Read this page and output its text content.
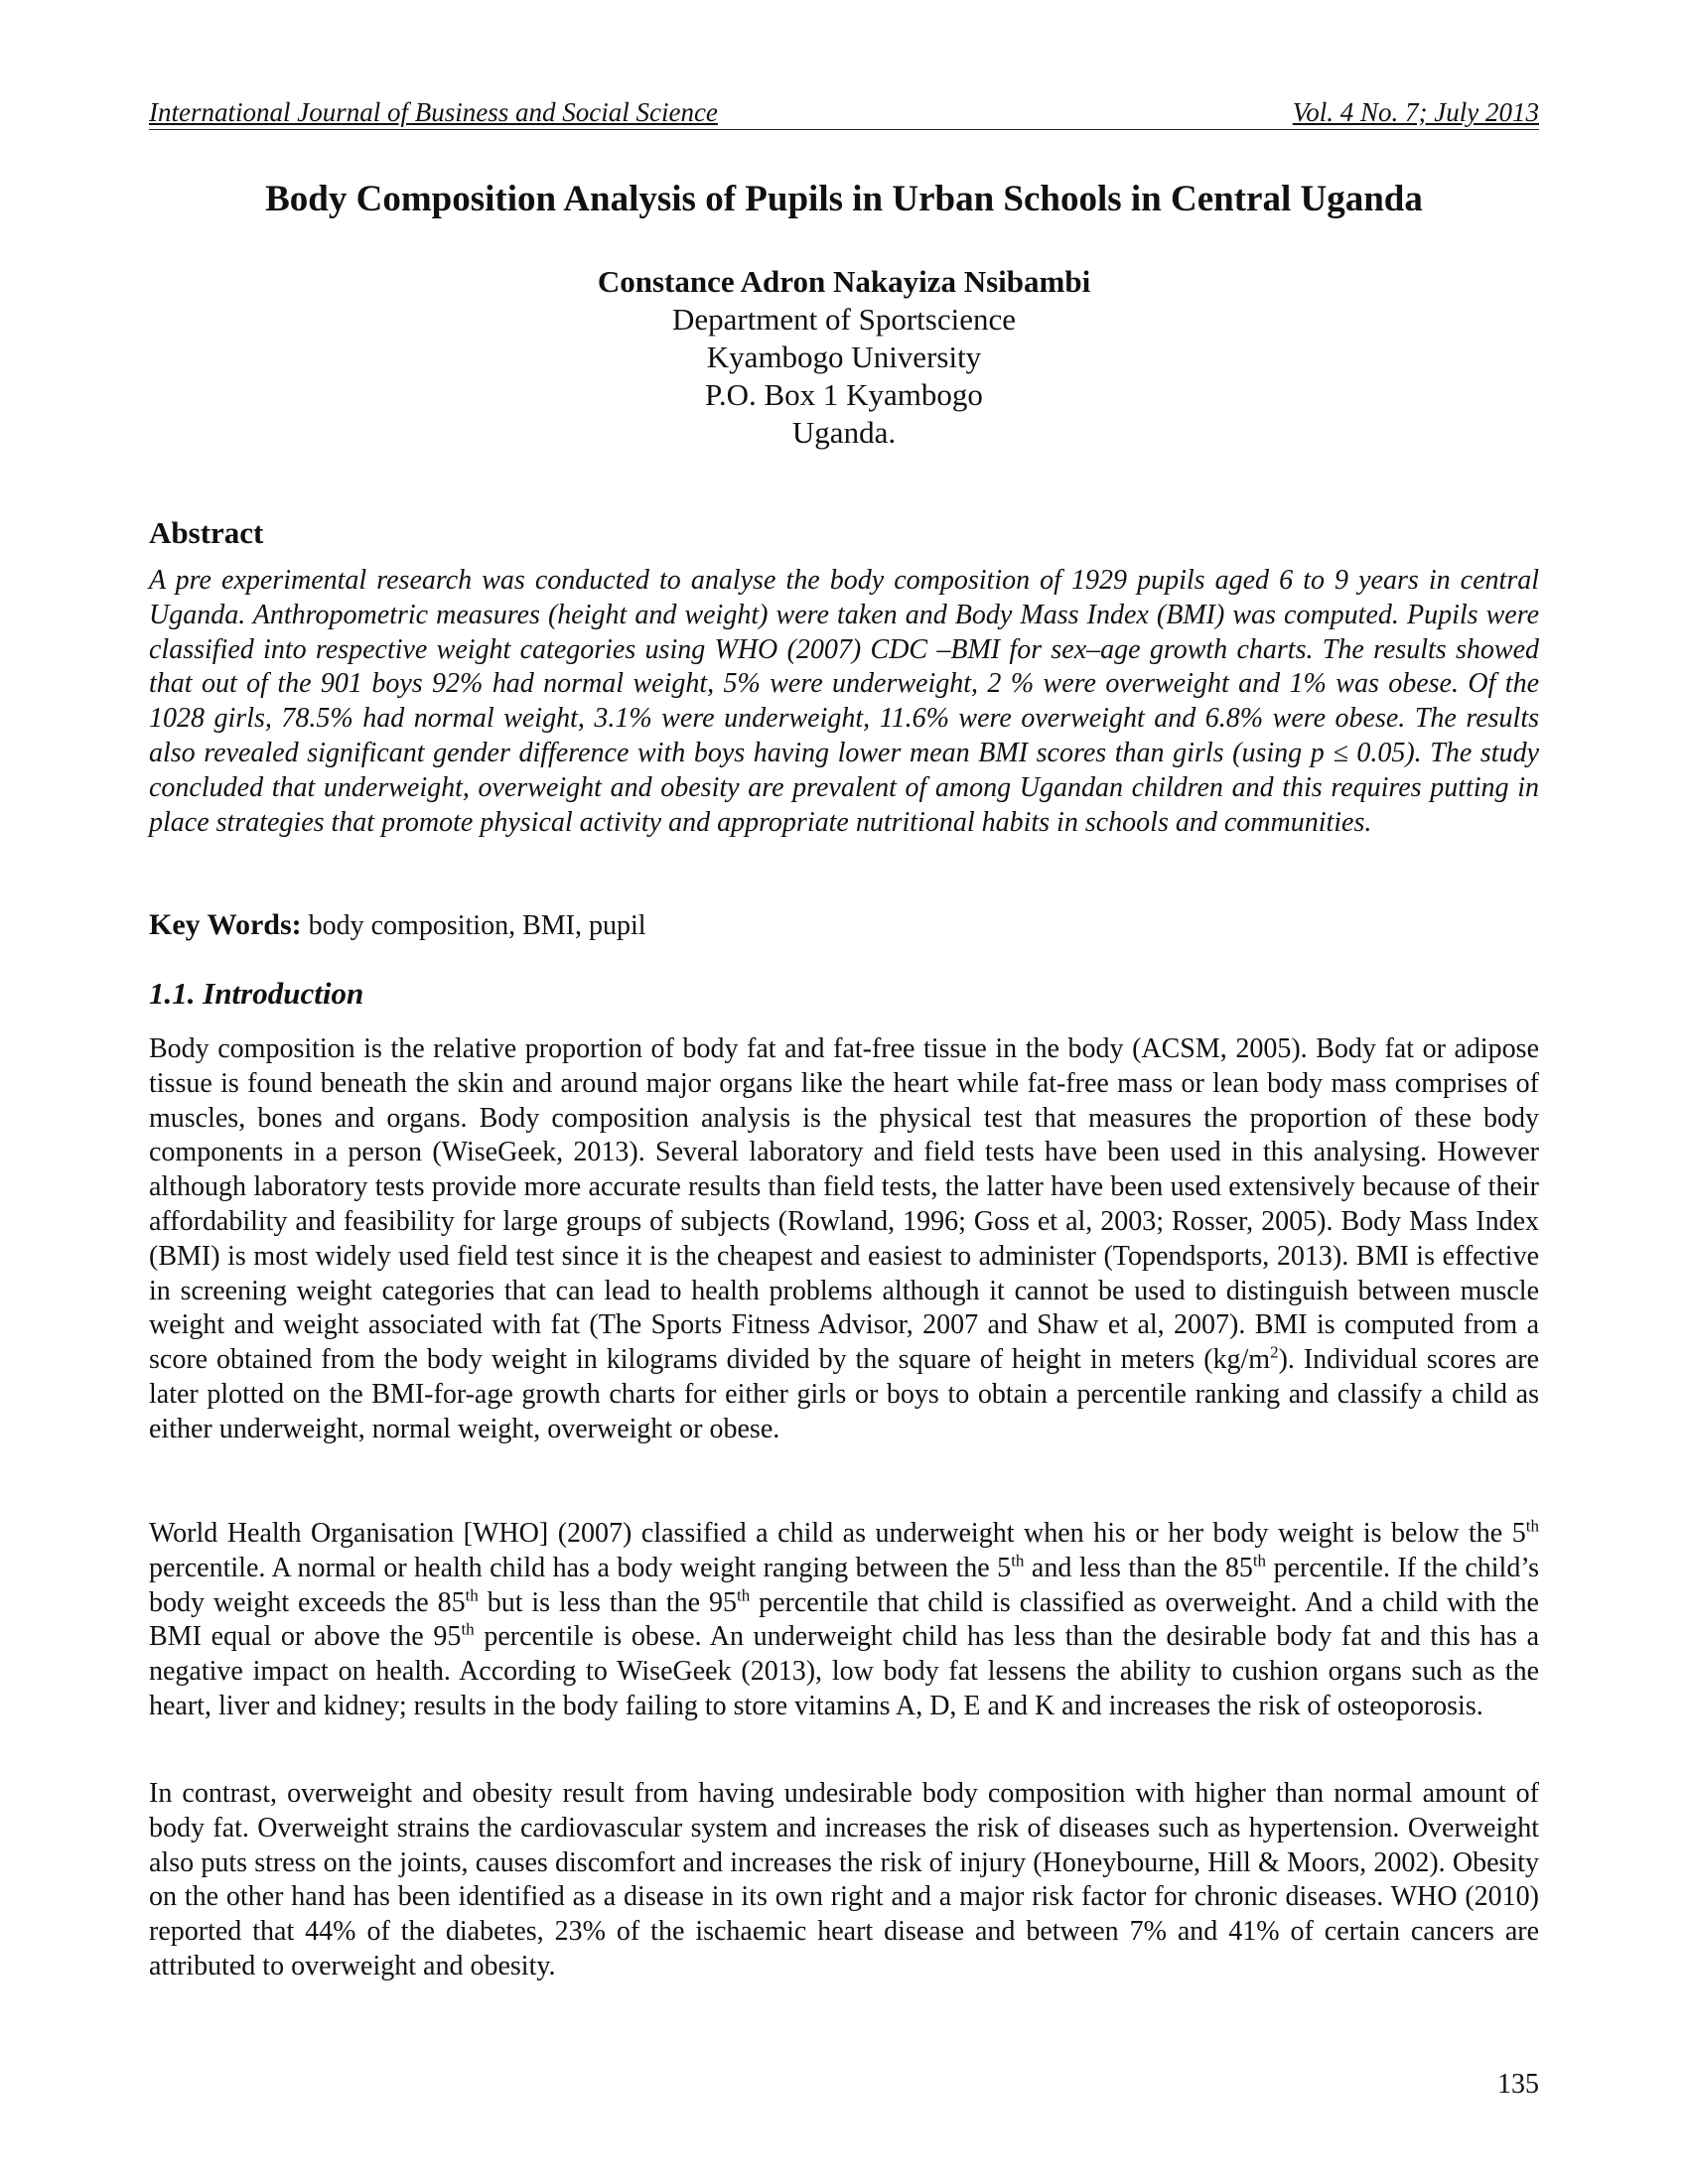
International Journal of Business and Social Science	Vol. 4 No. 7; July 2013
Body Composition Analysis of Pupils in Urban Schools in Central Uganda
Constance Adron Nakayiza Nsibambi
Department of Sportscience
Kyambogo University
P.O. Box 1 Kyambogo
Uganda.
Abstract
A pre experimental research was conducted to analyse the body composition of 1929 pupils aged 6 to 9 years in central Uganda. Anthropometric measures (height and weight) were taken and Body Mass Index (BMI) was computed. Pupils were classified into respective weight categories using WHO (2007) CDC –BMI for sex–age growth charts. The results showed that out of the 901 boys 92% had normal weight, 5% were underweight, 2 % were overweight and 1% was obese. Of the 1028 girls, 78.5% had normal weight, 3.1% were underweight, 11.6% were overweight and 6.8% were obese. The results also revealed significant gender difference with boys having lower mean BMI scores than girls (using p ≤ 0.05). The study concluded that underweight, overweight and obesity are prevalent of among Ugandan children and this requires putting in place strategies that promote physical activity and appropriate nutritional habits in schools and communities.
Key Words: body composition, BMI, pupil
1.1. Introduction
Body composition is the relative proportion of body fat and fat-free tissue in the body (ACSM, 2005). Body fat or adipose tissue is found beneath the skin and around major organs like the heart while fat-free mass or lean body mass comprises of muscles, bones and organs. Body composition analysis is the physical test that measures the proportion of these body components in a person (WiseGeek, 2013). Several laboratory and field tests have been used in this analysing. However although laboratory tests provide more accurate results than field tests, the latter have been used extensively because of their affordability and feasibility for large groups of subjects (Rowland, 1996; Goss et al, 2003; Rosser, 2005). Body Mass Index (BMI) is most widely used field test since it is the cheapest and easiest to administer (Topendsports, 2013). BMI is effective in screening weight categories that can lead to health problems although it cannot be used to distinguish between muscle weight and weight associated with fat (The Sports Fitness Advisor, 2007 and Shaw et al, 2007). BMI is computed from a score obtained from the body weight in kilograms divided by the square of height in meters $(kg/m^2)$. Individual scores are later plotted on the BMI-for-age growth charts for either girls or boys to obtain a percentile ranking and classify a child as either underweight, normal weight, overweight or obese.
World Health Organisation [WHO] (2007) classified a child as underweight when his or her body weight is below the 5th percentile. A normal or health child has a body weight ranging between the 5th and less than the 85th percentile. If the child’s body weight exceeds the 85th but is less than the 95th percentile that child is classified as overweight. And a child with the BMI equal or above the 95th percentile is obese. An underweight child has less than the desirable body fat and this has a negative impact on health. According to WiseGeek (2013), low body fat lessens the ability to cushion organs such as the heart, liver and kidney; results in the body failing to store vitamins A, D, E and K and increases the risk of osteoporosis.
In contrast, overweight and obesity result from having undesirable body composition with higher than normal amount of body fat. Overweight strains the cardiovascular system and increases the risk of diseases such as hypertension. Overweight also puts stress on the joints, causes discomfort and increases the risk of injury (Honeybourne, Hill & Moors, 2002). Obesity on the other hand has been identified as a disease in its own right and a major risk factor for chronic diseases. WHO (2010) reported that 44% of the diabetes, 23% of the ischaemic heart disease and between 7% and 41% of certain cancers are attributed to overweight and obesity.
135
